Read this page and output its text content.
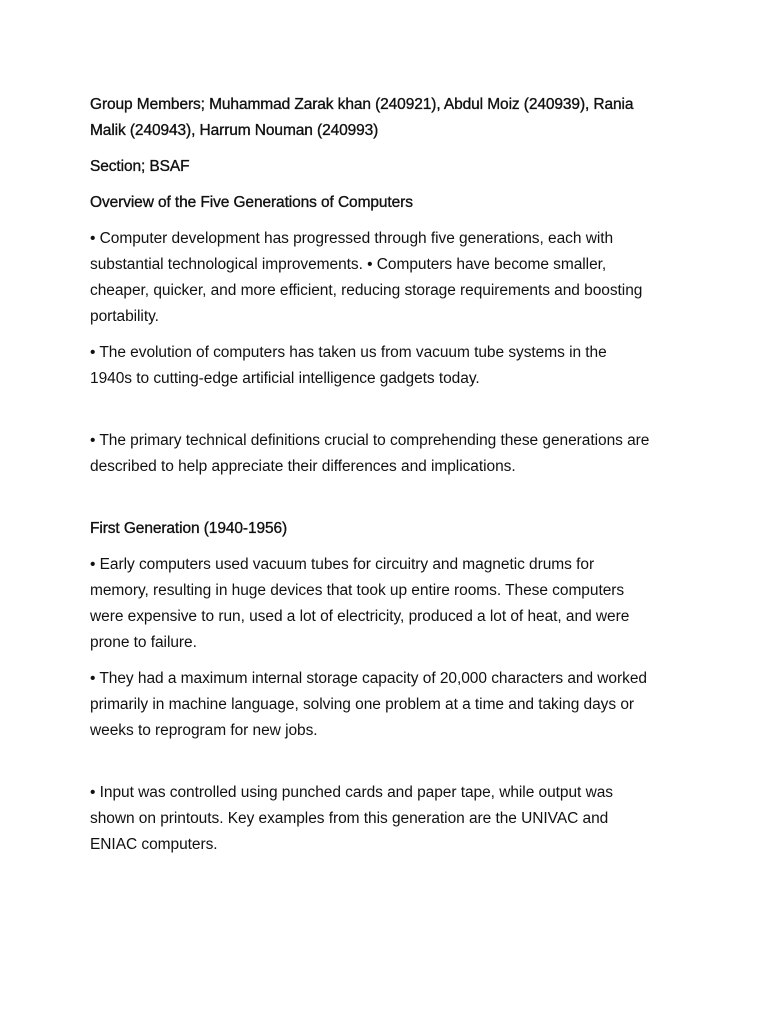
Group Members; Muhammad Zarak khan (240921), Abdul Moiz (240939), Rania Malik (240943), Harrum Nouman (240993)

Section; BSAF

Overview of the Five Generations of Computers

• Computer development has progressed through five generations, each with substantial technological improvements. • Computers have become smaller, cheaper, quicker, and more efficient, reducing storage requirements and boosting portability.

• The evolution of computers has taken us from vacuum tube systems in the 1940s to cutting-edge artificial intelligence gadgets today.

• The primary technical definitions crucial to comprehending these generations are described to help appreciate their differences and implications.

First Generation (1940-1956)

• Early computers used vacuum tubes for circuitry and magnetic drums for memory, resulting in huge devices that took up entire rooms. These computers were expensive to run, used a lot of electricity, produced a lot of heat, and were prone to failure.

• They had a maximum internal storage capacity of 20,000 characters and worked primarily in machine language, solving one problem at a time and taking days or weeks to reprogram for new jobs.

• Input was controlled using punched cards and paper tape, while output was shown on printouts. Key examples from this generation are the UNIVAC and ENIAC computers.
